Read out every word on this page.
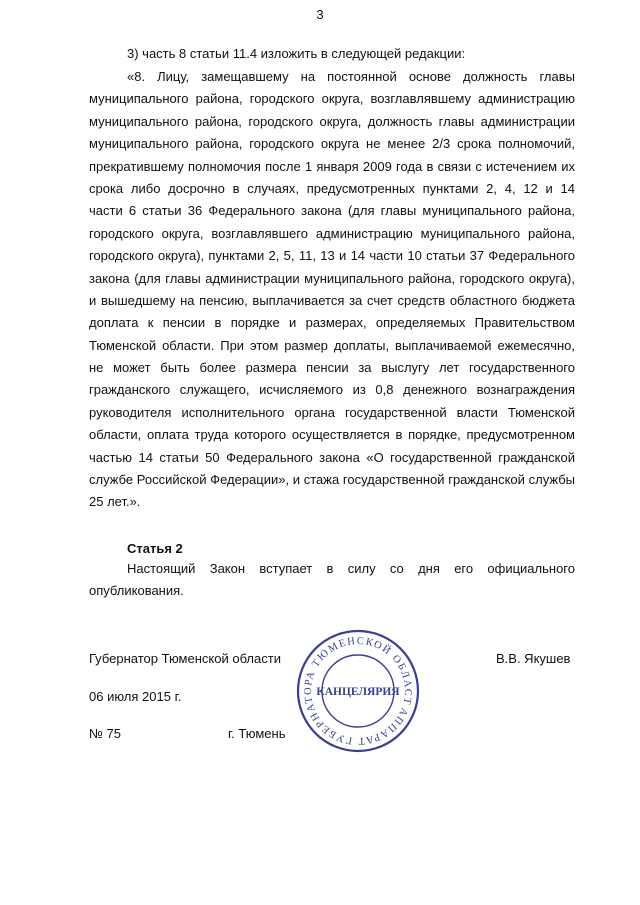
3
3) часть 8 статьи 11.4 изложить в следующей редакции:
«8. Лицу, замещавшему на постоянной основе должность главы
муниципального района, городского округа, возглавлявшему администрацию
муниципального района, городского округа, должность главы администрации
муниципального района, городского округа не менее 2/3 срока полномочий,
прекратившему полномочия после 1 января 2009 года в связи с истечением их
срока либо досрочно в случаях, предусмотренных пунктами 2, 4, 12 и 14
части 6 статьи 36 Федерального закона (для главы муниципального района,
городского округа, возглавлявшего администрацию муниципального района,
городского округа), пунктами 2, 5, 11, 13 и 14 части 10 статьи 37 Федерального
закона (для главы администрации муниципального района, городского округа),
и вышедшему на пенсию, выплачивается за счет средств областного бюджета
доплата к пенсии в порядке и размерах, определяемых Правительством
Тюменской области. При этом размер доплаты, выплачиваемой ежемесячно,
не может быть более размера пенсии за выслугу лет государственного
гражданского служащего, исчисляемого из 0,8 денежного вознаграждения
руководителя исполнительного органа государственной власти Тюменской
области, оплата труда которого осуществляется в порядке, предусмотренном
частью 14 статьи 50 Федерального закона «О государственной гражданской
службе Российской Федерации», и стажа государственной гражданской службы
25 лет.».
Статья 2
Настоящий Закон вступает в силу со дня его официального
опубликования.
Губернатор Тюменской области	В.В. Якушев
06 июля 2015 г.
№ 75	г. Тюмень
АППАРАТ ГУБЕРНАТОРА ТЮМЕНСКОЙ ОБЛАСТИ
КАНЦЕЛЯРИЯ
